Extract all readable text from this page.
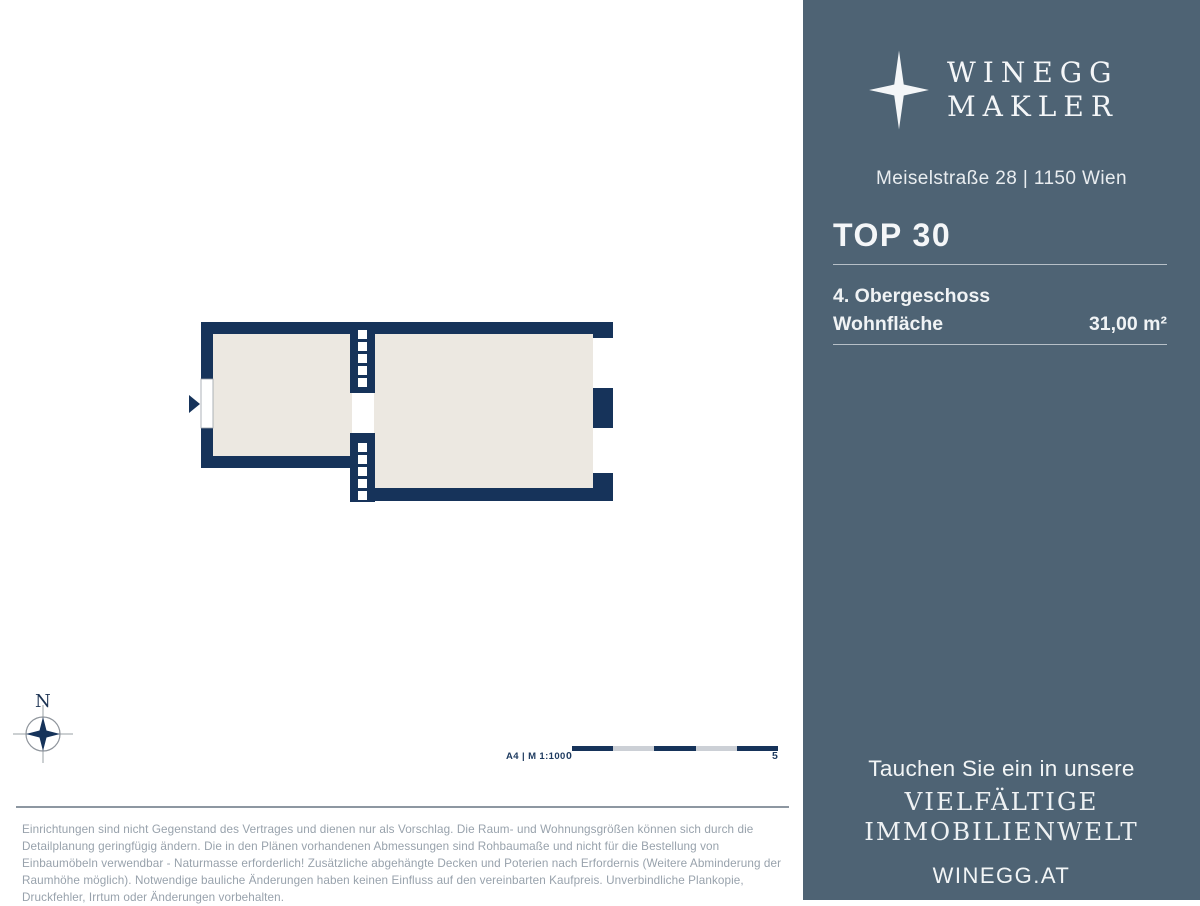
N
A4 | M 1:100 0	5
Einrichtungen sind nicht Gegenstand des Vertrages und dienen nur als Vorschlag. Die Raum- und Wohnungsgrößen können sich durch die Detailplanung geringfügig ändern. Die in den Plänen vorhandenen Abmessungen sind Rohbaumaße und nicht für die Bestellung von Einbaumöbeln verwendbar - Naturmasse erforderlich! Zusätzliche abgehängte Decken und Poterien nach Erfordernis (Weitere Abminderung der Raumhöhe möglich). Notwendige bauliche Änderungen haben keinen Einfluss auf den vereinbarten Kaufpreis. Unverbindliche Plankopie, Druckfehler, Irrtum oder Änderungen vorbehalten.
WINEGG
MAKLER
Meiselstraße 28 | 1150 Wien
TOP 30
4. Obergeschoss
Wohnfläche	31,00 m²
Tauchen Sie ein in unsere
VIELFÄLTIGE
IMMOBILIENWELT
WINEGG.AT
